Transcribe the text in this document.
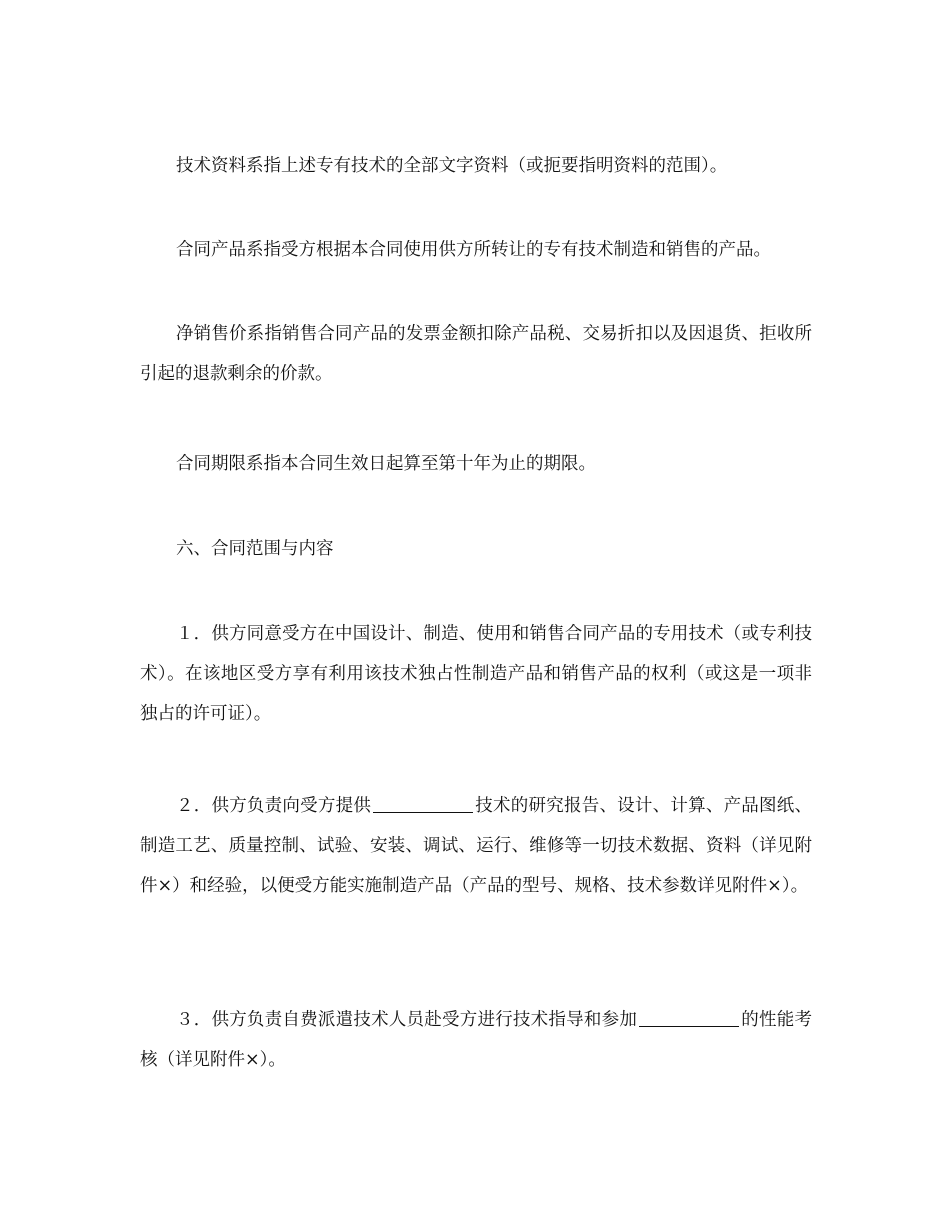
技术资料系指上述专有技术的全部文字资料（或扼要指明资料的范围）。

合同产品系指受方根据本合同使用供方所转让的专有技术制造和销售的产品。

净销售价系指销售合同产品的发票金额扣除产品税、交易折扣以及因退货、拒收所引起的退款剩余的价款。

合同期限系指本合同生效日起算至第十年为止的期限。

六、合同范围与内容

１．供方同意受方在中国设计、制造、使用和销售合同产品的专用技术（或专利技术）。在该地区受方享有利用该技术独占性制造产品和销售产品的权利（或这是一项非独占的许可证）。

２．供方负责向受方提供	技术的研究报告、设计、计算、产品图纸、制造工艺、质量控制、试验、安装、调试、运行、维修等一切技术数据、资料（详见附件×）和经验，以便受方能实施制造产品（产品的型号、规格、技术参数详见附件×）。

３．供方负责自费派遣技术人员赴受方进行技术指导和参加	的性能考核（详见附件×）。
